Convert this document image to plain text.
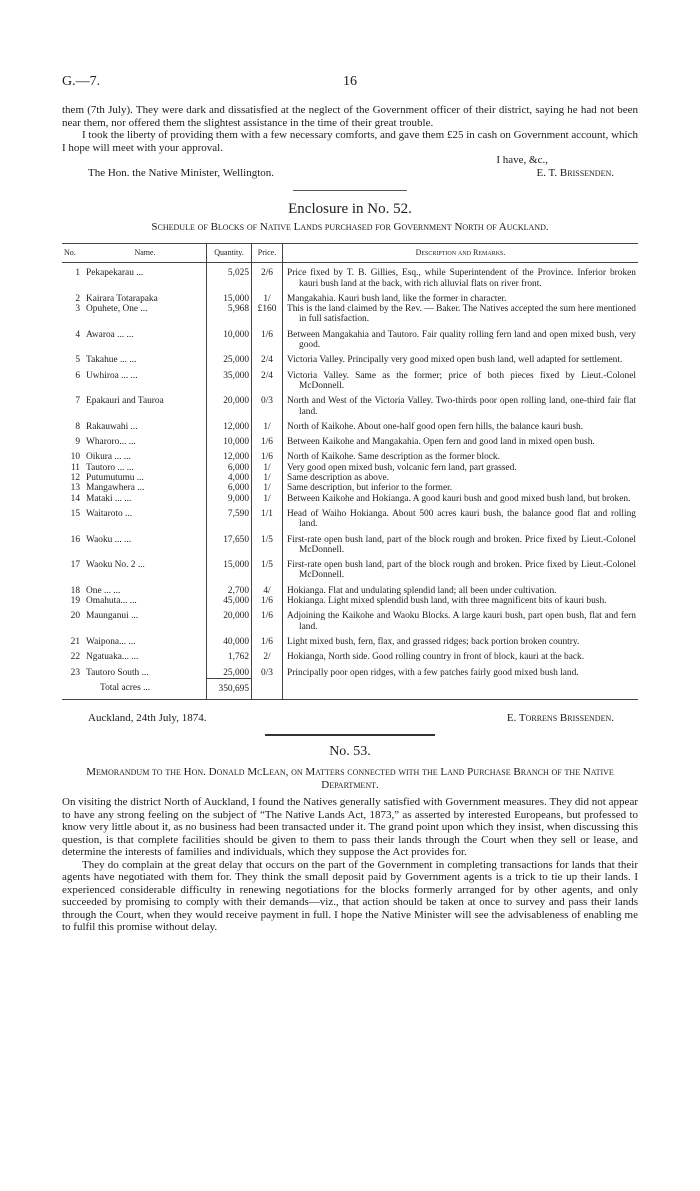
G.—7.	16

them (7th July). They were dark and dissatisfied at the neglect of the Government officer of their district, saying he had not been near them, nor offered them the slightest assistance in the time of their great trouble.

I took the liberty of providing them with a few necessary comforts, and gave them £25 in cash on Government account, which I hope will meet with your approval.

I have, &c.,
The Hon. the Native Minister, Wellington.	E. T. Brissenden.
Enclosure in No. 52.
Schedule of Blocks of Native Lands purchased for Government North of Auckland.
No.	Name.	Quantity.	Price.	Description and Remarks.
1	Pekapekarau ...	5,025	2/6	Price fixed by T. B. Gillies, Esq., while Superintendent of the Province. Inferior broken kauri bush land at the back, with rich alluvial flats on river front.
2	Kairara Totarapaka	15,000	1/	Mangakahia. Kauri bush land, like the former in character.
3	Opuhete, One ...	5,968	£160	This is the land claimed by the Rev. — Baker. The Natives accepted the sum here mentioned in full satisfaction.
4	Awaroa ... ...	10,000	1/6	Between Mangakahia and Tautoro. Fair quality rolling fern land and open mixed bush, very good.
5	Takahue ... ...	25,000	2/4	Victoria Valley. Principally very good mixed open bush land, well adapted for settlement.
6	Uwhiroa ... ...	35,000	2/4	Victoria Valley. Same as the former; price of both pieces fixed by Lieut.-Colonel McDonnell.
7	Epakauri and Tauroa	20,000	0/3	North and West of the Victoria Valley. Two-thirds poor open rolling land, one-third fair flat land.
8	Rakauwahi ...	12,000	1/	North of Kaikohe. About one-half good open fern hills, the balance kauri bush.
9	Wharoro... ...	10,000	1/6	Between Kaikohe and Mangakahia. Open fern and good land in mixed open bush.
10	Oikura ... ...	12,000	1/6	North of Kaikohe. Same description as the former block.
11	Tautoro ... ...	6,000	1/	Very good open mixed bush, volcanic fern land, part grassed.
12	Putumutumu ...	4,000	1/	Same description as above.
13	Mangawhera ...	6,000	1/	Same description, but inferior to the former.
14	Mataki ... ...	9,000	1/	Between Kaikohe and Hokianga. A good kauri bush and good mixed bush land, but broken.
15	Waitaroto ...	7,590	1/1	Head of Waiho Hokianga. About 500 acres kauri bush, the balance good flat and rolling land.
16	Waoku ... ...	17,650	1/5	First-rate open bush land, part of the block rough and broken. Price fixed by Lieut.-Colonel McDonnell.
17	Waoku No. 2 ...	15,000	1/5	First-rate open bush land, part of the block rough and broken. Price fixed by Lieut.-Colonel McDonnell.
18	One ... ...	2,700	4/	Hokianga. Flat and undulating splendid land; all been under cultivation.
19	Omahuta... ...	45,000	1/6	Hokianga. Light mixed splendid bush land, with three magnificent bits of kauri bush.
20	Maunganui ...	20,000	1/6	Adjoining the Kaikohe and Waoku Blocks. A large kauri bush, part open bush, flat and fern land.
21	Waipona... ...	40,000	1/6	Light mixed bush, fern, flax, and grassed ridges; back portion broken country.
22	Ngatuaka... ...	1,762	2/	Hokianga, North side. Good rolling country in front of block, kauri at the back.
23	Tautoro South ...	25,000	0/3	Principally poor open ridges, with a few patches fairly good mixed bush land.
	Total acres ...	350,695		
Auckland, 24th July, 1874.	E. Torrens Brissenden.
No. 53.
Memorandum to the Hon. Donald McLean, on Matters connected with the Land Purchase Branch of the Native Department.

On visiting the district North of Auckland, I found the Natives generally satisfied with Government measures. They did not appear to have any strong feeling on the subject of “The Native Lands Act, 1873,” as asserted by interested Europeans, but professed to know very little about it, as no business had been transacted under it. The grand point upon which they insist, when discussing this question, is that complete facilities should be given to them to pass their lands through the Court when they sell or lease, and determine the interests of families and individuals, which they suppose the Act provides for.

They do complain at the great delay that occurs on the part of the Government in completing transactions for lands that their agents have negotiated with them for. They think the small deposit paid by Government agents is a trick to tie up their lands. I experienced considerable difficulty in renewing negotiations for the blocks formerly arranged for by other agents, and only succeeded by promising to comply with their demands—viz., that action should be taken at once to survey and pass their lands through the Court, when they would receive payment in full. I hope the Native Minister will see the advisableness of enabling me to fulfil this promise without delay.
